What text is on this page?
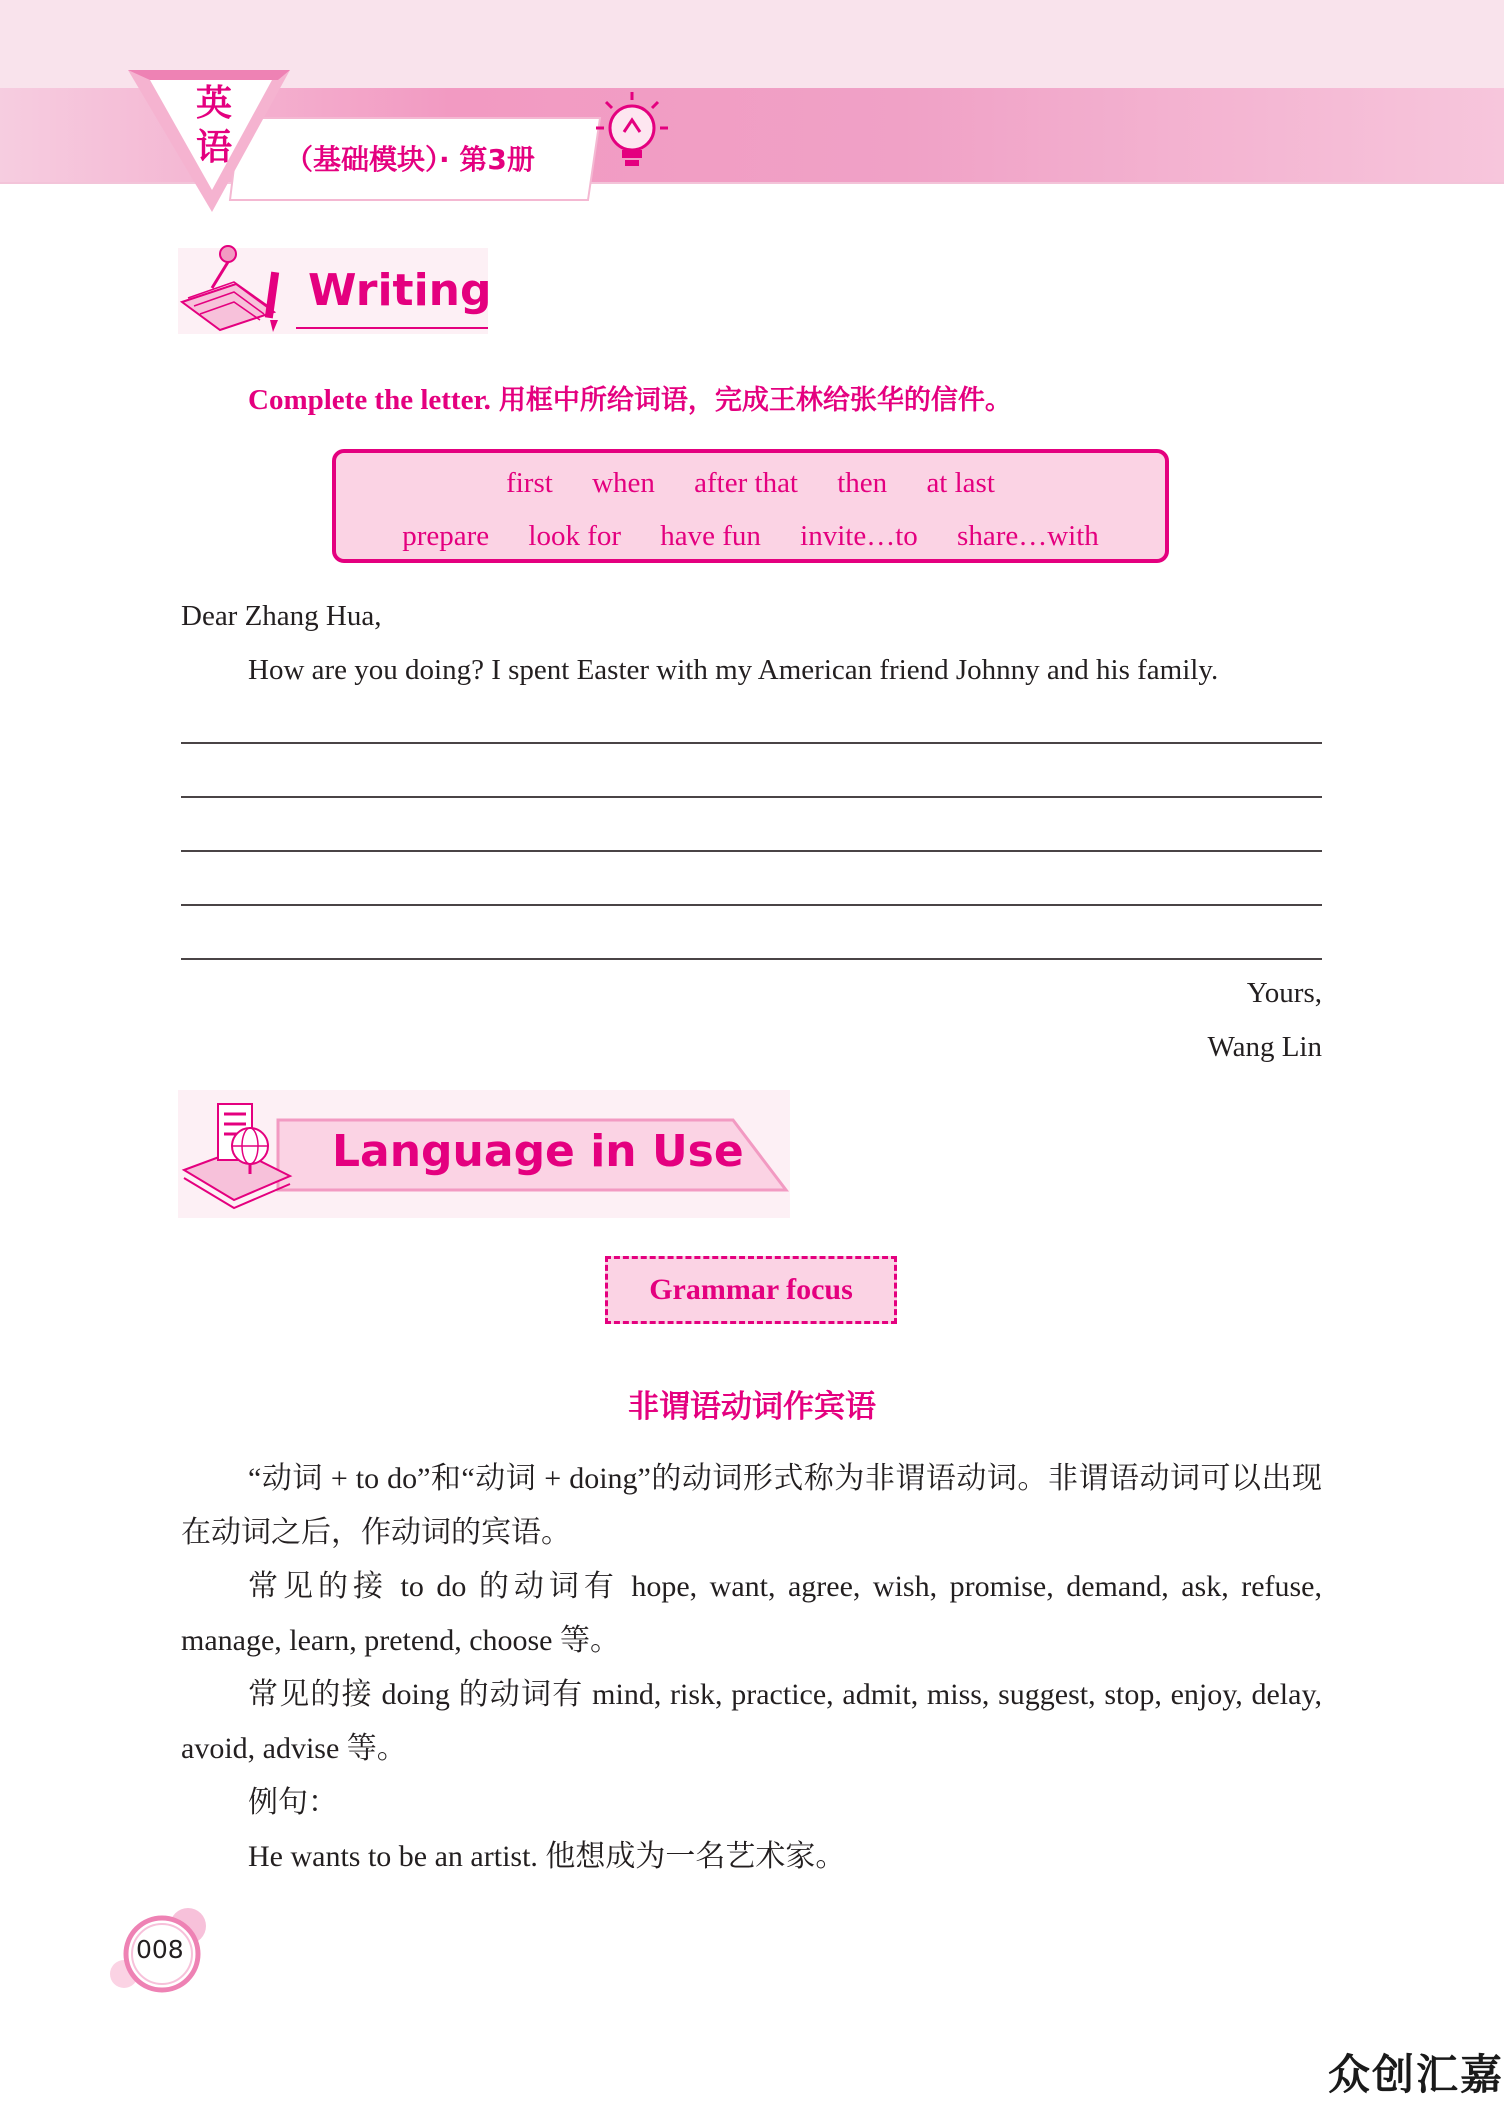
英
语 （基础模块）· 第3册
Writing
Complete the letter. 用框中所给词语，完成王林给张华的信件。
first when after that then at last
prepare look for have fun invite…to share…with
Dear Zhang Hua,
How are you doing? I spent Easter with my American friend Johnny and his family.
Yours,
Wang Lin
Language in Use
Grammar focus
非谓语动词作宾语
“动词 + to do”和“动词 + doing”的动词形式称为非谓语动词。非谓语动词可以出现在动词之后，作动词的宾语。
常见的接 to do 的动词有 hope, want, agree, wish, promise, demand, ask, refuse, manage, learn, pretend, choose 等。
常见的接 doing 的动词有 mind, risk, practice, admit, miss, suggest, stop, enjoy, delay, avoid, advise 等。
例句：
He wants to be an artist. 他想成为一名艺术家。
008
众创汇嘉
